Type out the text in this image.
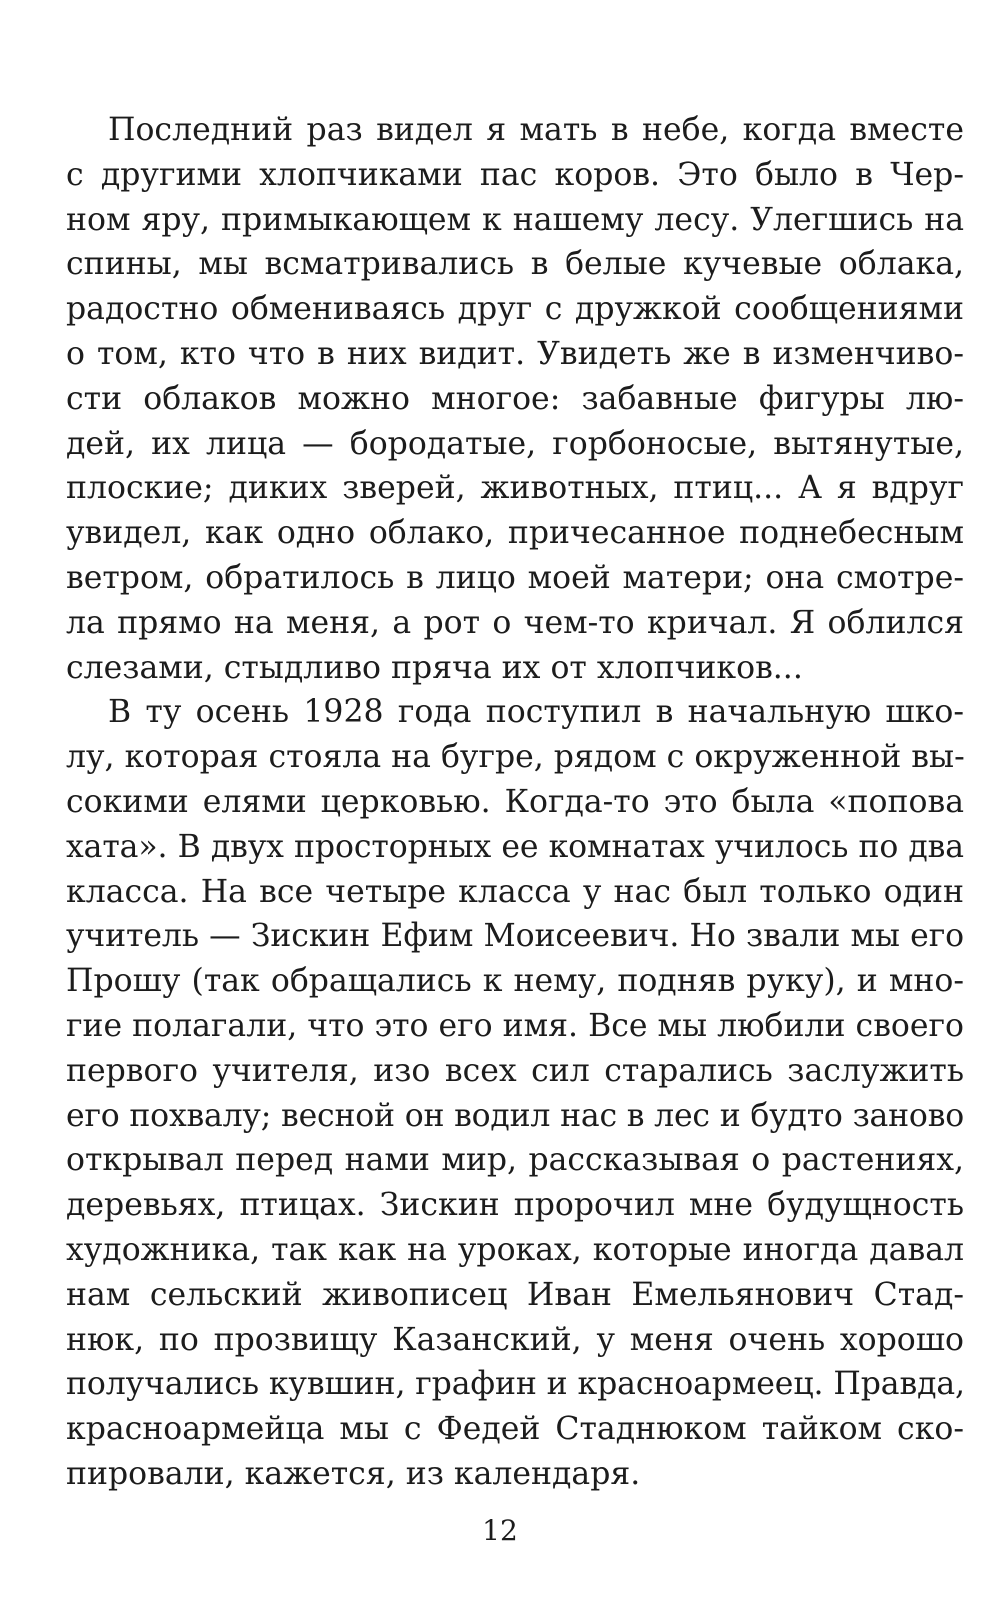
Последний раз видел я мать в небе, когда вместе
с другими хлопчиками пас коров. Это было в Чер-
ном яру, примыкающем к нашему лесу. Улегшись на
спины, мы всматривались в белые кучевые облака,
радостно обмениваясь друг с дружкой сообщениями
о том, кто что в них видит. Увидеть же в изменчиво-
сти облаков можно многое: забавные фигуры лю-
дей, их лица — бородатые, горбоносые, вытянутые,
плоские; диких зверей, животных, птиц... А я вдруг
увидел, как одно облако, причесанное поднебесным
ветром, обратилось в лицо моей матери; она смотре-
ла прямо на меня, а рот о чем-то кричал. Я облился
слезами, стыдливо пряча их от хлопчиков...
В ту осень 1928 года поступил в начальную шко-
лу, которая стояла на бугре, рядом с окруженной вы-
сокими елями церковью. Когда-то это была «попова
хата». В двух просторных ее комнатах училось по два
класса. На все четыре класса у нас был только один
учитель — Зискин Ефим Моисеевич. Но звали мы его
Прошу (так обращались к нему, подняв руку), и мно-
гие полагали, что это его имя. Все мы любили своего
первого учителя, изо всех сил старались заслужить
его похвалу; весной он водил нас в лес и будто заново
открывал перед нами мир, рассказывая о растениях,
деревьях, птицах. Зискин пророчил мне будущность
художника, так как на уроках, которые иногда давал
нам сельский живописец Иван Емельянович Стад-
нюк, по прозвищу Казанский, у меня очень хорошо
получались кувшин, графин и красноармеец. Правда,
красноармейца мы с Федей Стаднюком тайком ско-
пировали, кажется, из календаря.
12
